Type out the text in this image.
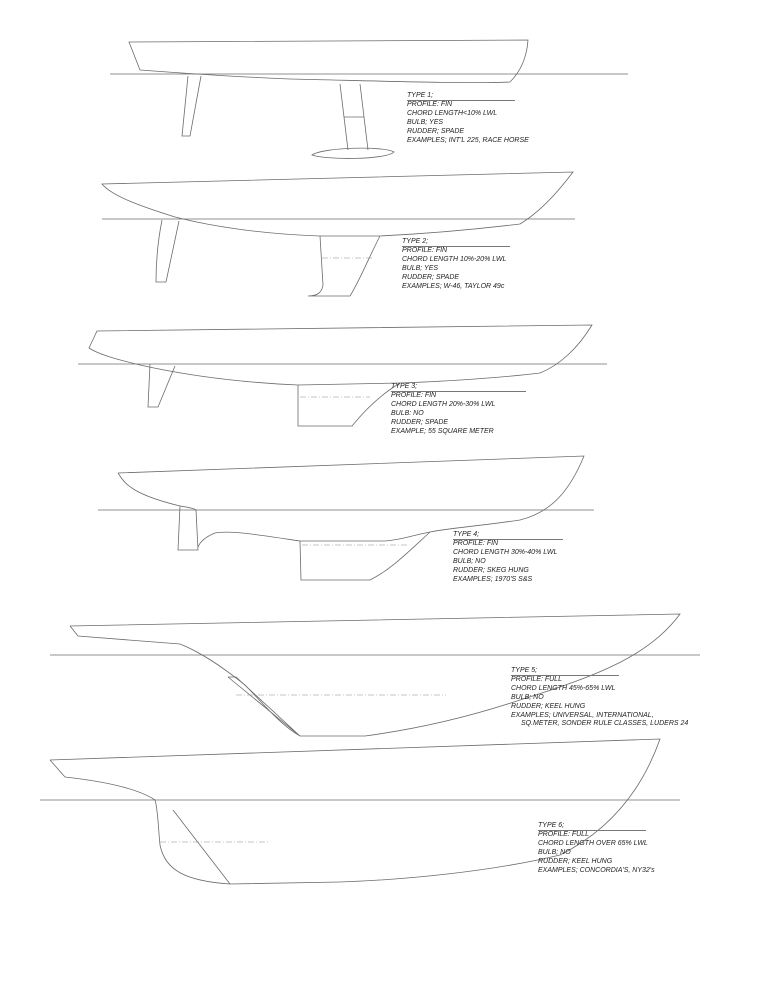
TYPE 1;
PROFILE: FIN
CHORD LENGTH<10% LWL
BULB; YES
RUDDER; SPADE
EXAMPLES; INT'L 225, RACE HORSE
TYPE 2;
PROFILE: FIN
CHORD LENGTH 10%-20% LWL
BULB; YES
RUDDER; SPADE
EXAMPLES; W-46, TAYLOR 49c
TYPE 3;
PROFILE: FIN
CHORD LENGTH 20%-30% LWL
BULB: NO
RUDDER; SPADE
EXAMPLE; 55 SQUARE METER
TYPE 4;
PROFILE: FIN
CHORD LENGTH 30%-40% LWL
BULB; NO
RUDDER; SKEG HUNG
EXAMPLES; 1970'S S&S
TYPE 5;
PROFILE: FULL
CHORD LENGTH 45%-65% LWL
BULB; NO
RUDDER; KEEL HUNG
EXAMPLES; UNIVERSAL, INTERNATIONAL,
SQ.METER, SONDER RULE CLASSES, LUDERS 24
TYPE 6;
PROFILE: FULL
CHORD LENGTH OVER 65% LWL
BULB; NO
RUDDER; KEEL HUNG
EXAMPLES; CONCORDIA'S, NY32's
